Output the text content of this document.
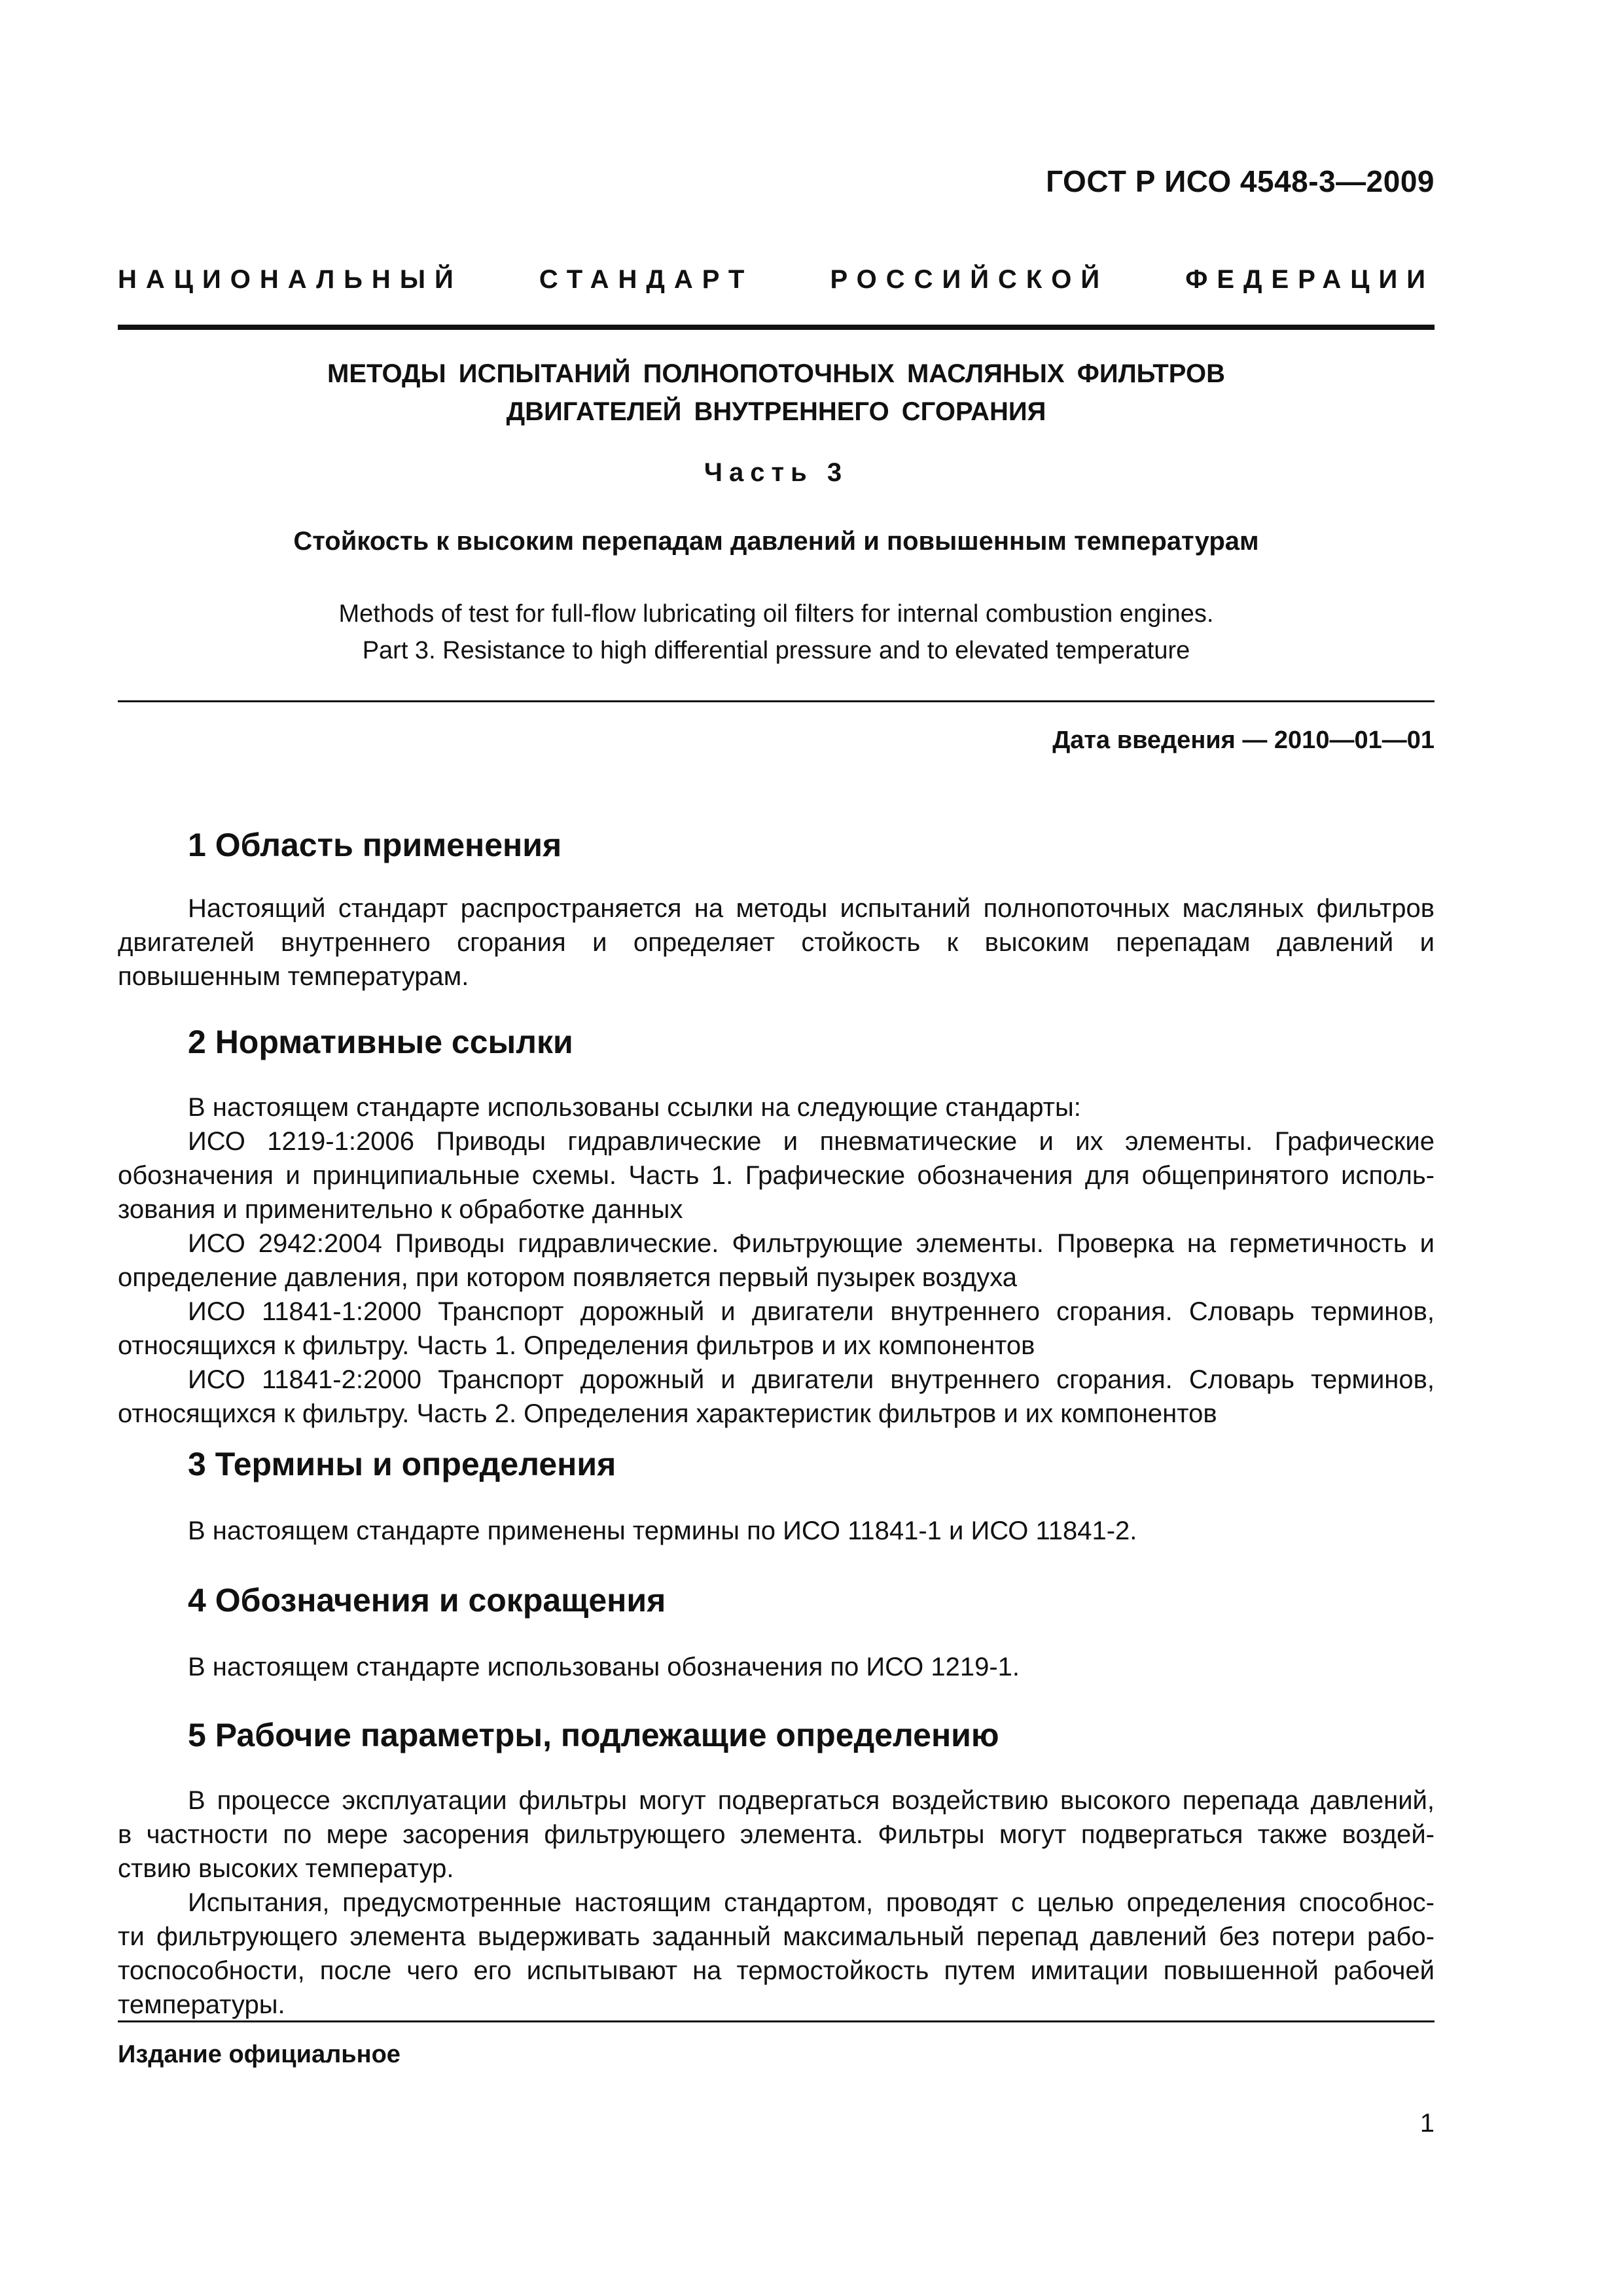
ГОСТ Р ИСО 4548-3—2009
НАЦИОНАЛЬНЫЙ	СТАНДАРТ	РОССИЙСКОЙ	ФЕДЕРАЦИИ
МЕТОДЫ ИСПЫТАНИЙ ПОЛНОПОТОЧНЫХ МАСЛЯНЫХ ФИЛЬТРОВ
ДВИГАТЕЛЕЙ ВНУТРЕННЕГО СГОРАНИЯ
Часть 3
Стойкость к высоким перепадам давлений и повышенным температурам
Methods of test for full-flow lubricating oil filters for internal combustion engines.
Part 3. Resistance to high differential pressure and to elevated temperature
Дата введения — 2010—01—01
1 Область применения
Настоящий стандарт распространяется на методы испытаний полнопоточных масляных фильтров
двигателей внутреннего сгорания и определяет стойкость к высоким перепадам давлений и
повышенным температурам.
2 Нормативные ссылки
В настоящем стандарте использованы ссылки на следующие стандарты:
ИСО 1219-1:2006 Приводы гидравлические и пневматические и их элементы. Графические
обозначения и принципиальные схемы. Часть 1. Графические обозначения для общепринятого исполь-
зования и применительно к обработке данных
ИСО 2942:2004 Приводы гидравлические. Фильтрующие элементы. Проверка на герметичность и
определение давления, при котором появляется первый пузырек воздуха
ИСО 11841-1:2000 Транспорт дорожный и двигатели внутреннего сгорания. Словарь терминов,
относящихся к фильтру. Часть 1. Определения фильтров и их компонентов
ИСО 11841-2:2000 Транспорт дорожный и двигатели внутреннего сгорания. Словарь терминов,
относящихся к фильтру. Часть 2. Определения характеристик фильтров и их компонентов
3 Термины и определения
В настоящем стандарте применены термины по ИСО 11841-1 и ИСО 11841-2.
4 Обозначения и сокращения
В настоящем стандарте использованы обозначения по ИСО 1219-1.
5 Рабочие параметры, подлежащие определению
В процессе эксплуатации фильтры могут подвергаться воздействию высокого перепада давлений,
в частности по мере засорения фильтрующего элемента. Фильтры могут подвергаться также воздей-
ствию высоких температур.
Испытания, предусмотренные настоящим стандартом, проводят с целью определения способнос-
ти фильтрующего элемента выдерживать заданный максимальный перепад давлений без потери рабо-
тоспособности, после чего его испытывают на термостойкость путем имитации повышенной рабочей
температуры.
Издание официальное
1
